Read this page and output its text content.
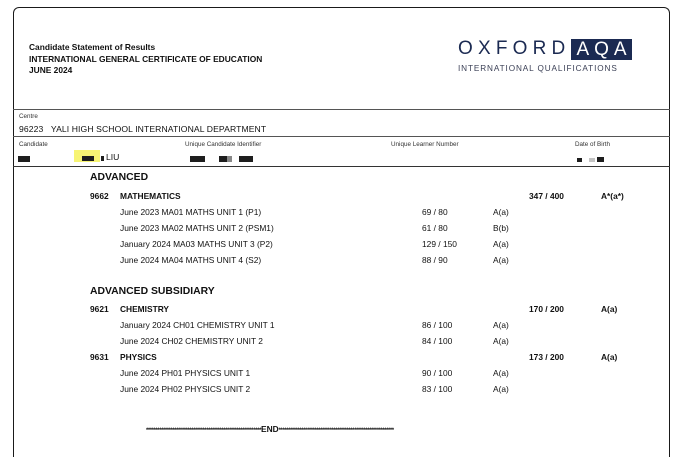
Candidate Statement of Results
INTERNATIONAL GENERAL CERTIFICATE OF EDUCATION
JUNE 2024
OXFORD AQA
INTERNATIONAL QUALIFICATIONS
Centre
96223 YALI HIGH SCHOOL INTERNATIONAL DEPARTMENT
Candidate
LIU
Unique Candidate Identifier	Unique Learner Number	Date of Birth
ADVANCED
9662 MATHEMATICS	347 / 400	A*(a*)
June 2023 MA01 MATHS UNIT 1 (P1)	69 / 80	A(a)
June 2023 MA02 MATHS UNIT 2 (PSM1)	61 / 80	B(b)
January 2024 MA03 MATHS UNIT 3 (P2)	129 / 150	A(a)
June 2024 MA04 MATHS UNIT 4 (S2)	88 / 90	A(a)
ADVANCED SUBSIDIARY
9621 CHEMISTRY	170 / 200	A(a)
January 2024 CH01 CHEMISTRY UNIT 1	86 / 100	A(a)
June 2024 CH02 CHEMISTRY UNIT 2	84 / 100	A(a)
9631 PHYSICS	173 / 200	A(a)
June 2024 PH01 PHYSICS UNIT 1	90 / 100	A(a)
June 2024 PH02 PHYSICS UNIT 2	83 / 100	A(a)
*************************************************************END*************************************************************
